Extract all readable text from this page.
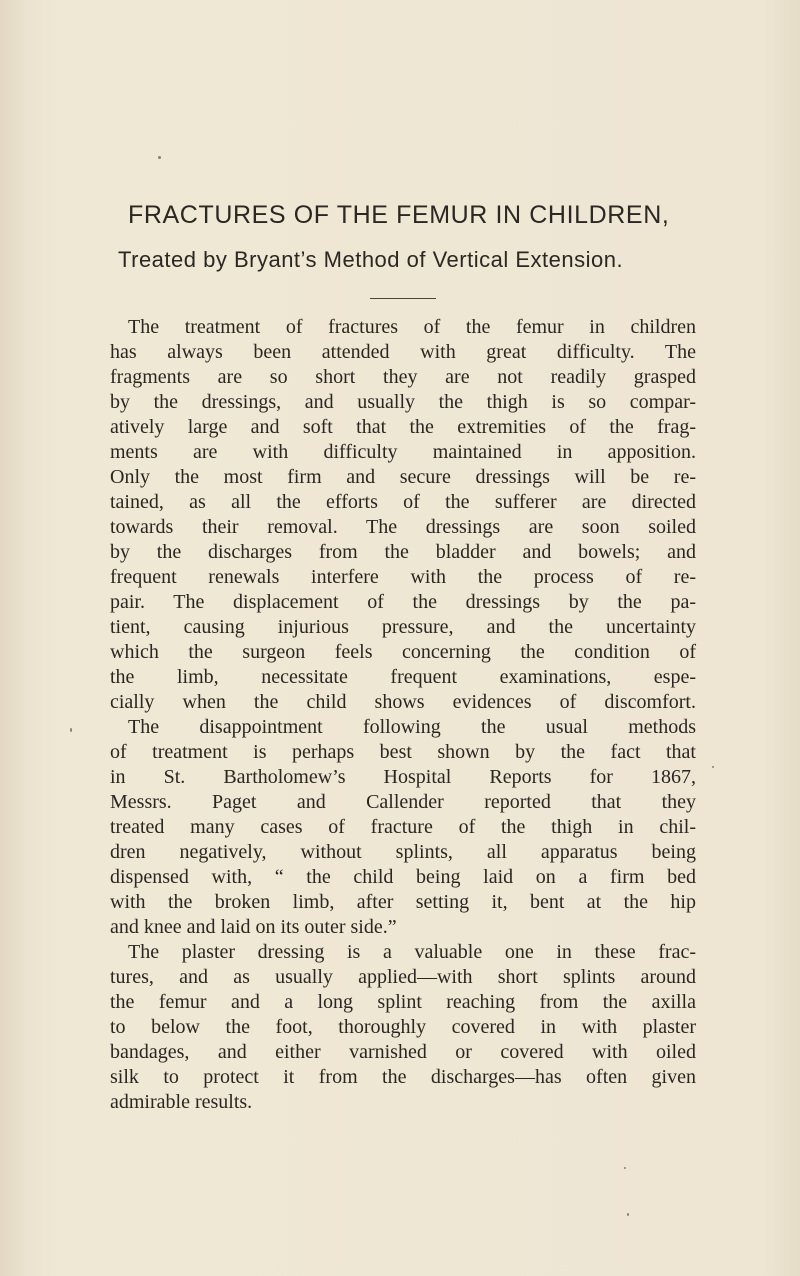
FRACTURES OF THE FEMUR IN CHILDREN,
Treated by Bryant’s Method of Vertical Extension.
The treatment of fractures of the femur in children
has always been attended with great difficulty. The
fragments are so short they are not readily grasped
by the dressings, and usually the thigh is so compar-
atively large and soft that the extremities of the frag-
ments are with difficulty maintained in apposition.
Only the most firm and secure dressings will be re-
tained, as all the efforts of the sufferer are directed
towards their removal. The dressings are soon soiled
by the discharges from the bladder and bowels; and
frequent renewals interfere with the process of re-
pair. The displacement of the dressings by the pa-
tient, causing injurious pressure, and the uncertainty
which the surgeon feels concerning the condition of
the limb, necessitate frequent examinations, espe-
cially when the child shows evidences of discomfort.
The disappointment following the usual methods
of treatment is perhaps best shown by the fact that
in St. Bartholomew’s Hospital Reports for 1867,
Messrs. Paget and Callender reported that they
treated many cases of fracture of the thigh in chil-
dren negatively, without splints, all apparatus being
dispensed with, “ the child being laid on a firm bed
with the broken limb, after setting it, bent at the hip
and knee and laid on its outer side.”
The plaster dressing is a valuable one in these frac-
tures, and as usually applied—with short splints around
the femur and a long splint reaching from the axilla
to below the foot, thoroughly covered in with plaster
bandages, and either varnished or covered with oiled
silk to protect it from the discharges—has often given
admirable results.
